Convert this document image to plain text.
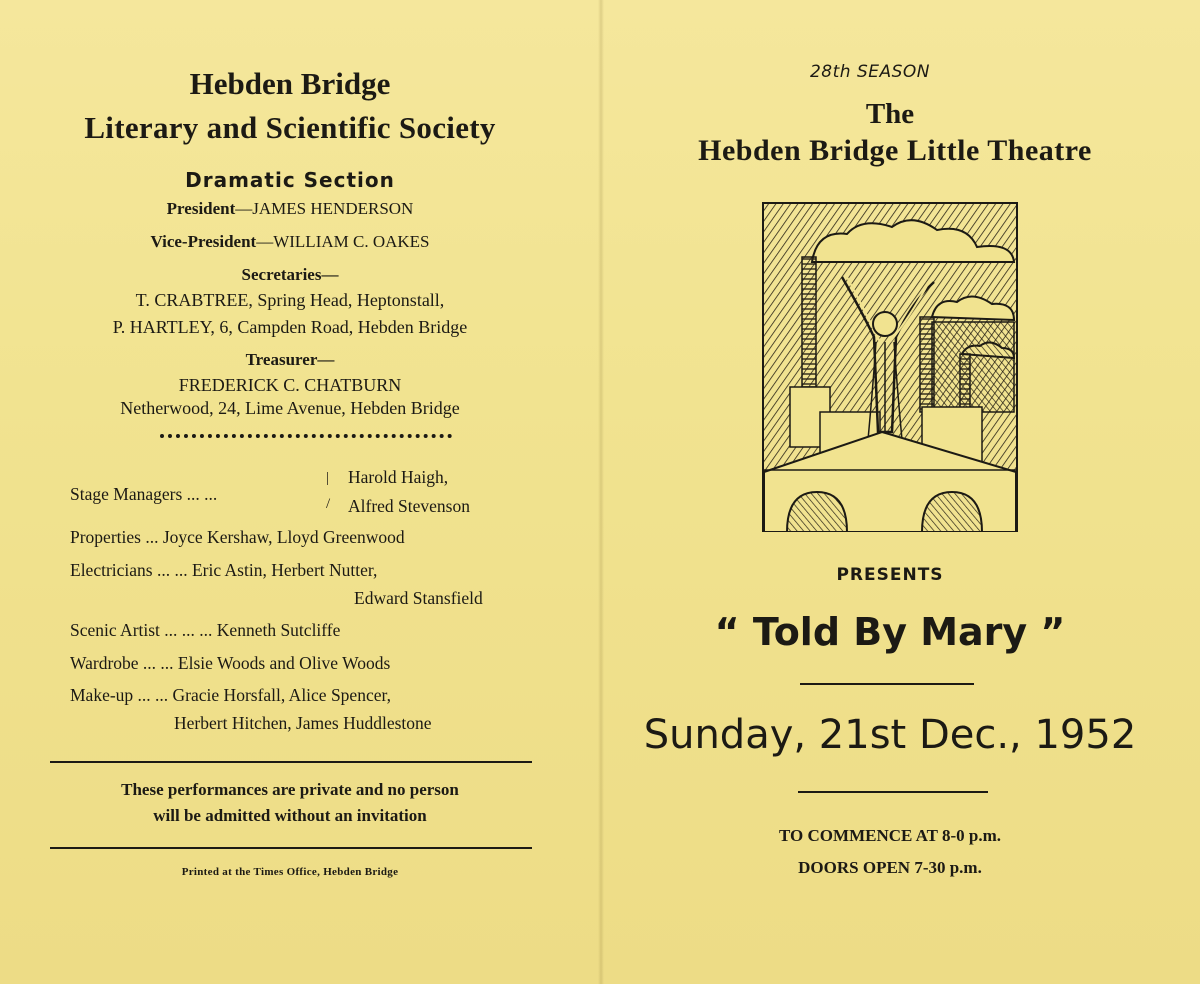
Hebden Bridge
Literary and Scientific Society
Dramatic Section
President—JAMES HENDERSON
Vice-President—WILLIAM C. OAKES
Secretaries—
T. CRABTREE, Spring Head, Heptonstall,
P. HARTLEY, 6, Campden Road, Hebden Bridge
Treasurer—
FREDERICK C. CHATBURN
Netherwood, 24, Lime Avenue, Hebden Bridge
Stage Managers ... ...
|
/
Harold Haigh,
Alfred Stevenson
Properties ... Joyce Kershaw, Lloyd Greenwood
Electricians ... ... Eric Astin, Herbert Nutter,
Edward Stansfield
Scenic Artist ... ... ... Kenneth Sutcliffe
Wardrobe ... ... Elsie Woods and Olive Woods
Make-up ... ... Gracie Horsfall, Alice Spencer,
Herbert Hitchen, James Huddlestone
These performances are private and no person
will be admitted without an invitation
Printed at the Times Office, Hebden Bridge
28th SEASON
The
Hebden Bridge Little Theatre
PRESENTS
“ Told By Mary ”
Sunday, 21st Dec., 1952
TO COMMENCE AT 8-0 p.m.
DOORS OPEN 7-30 p.m.
